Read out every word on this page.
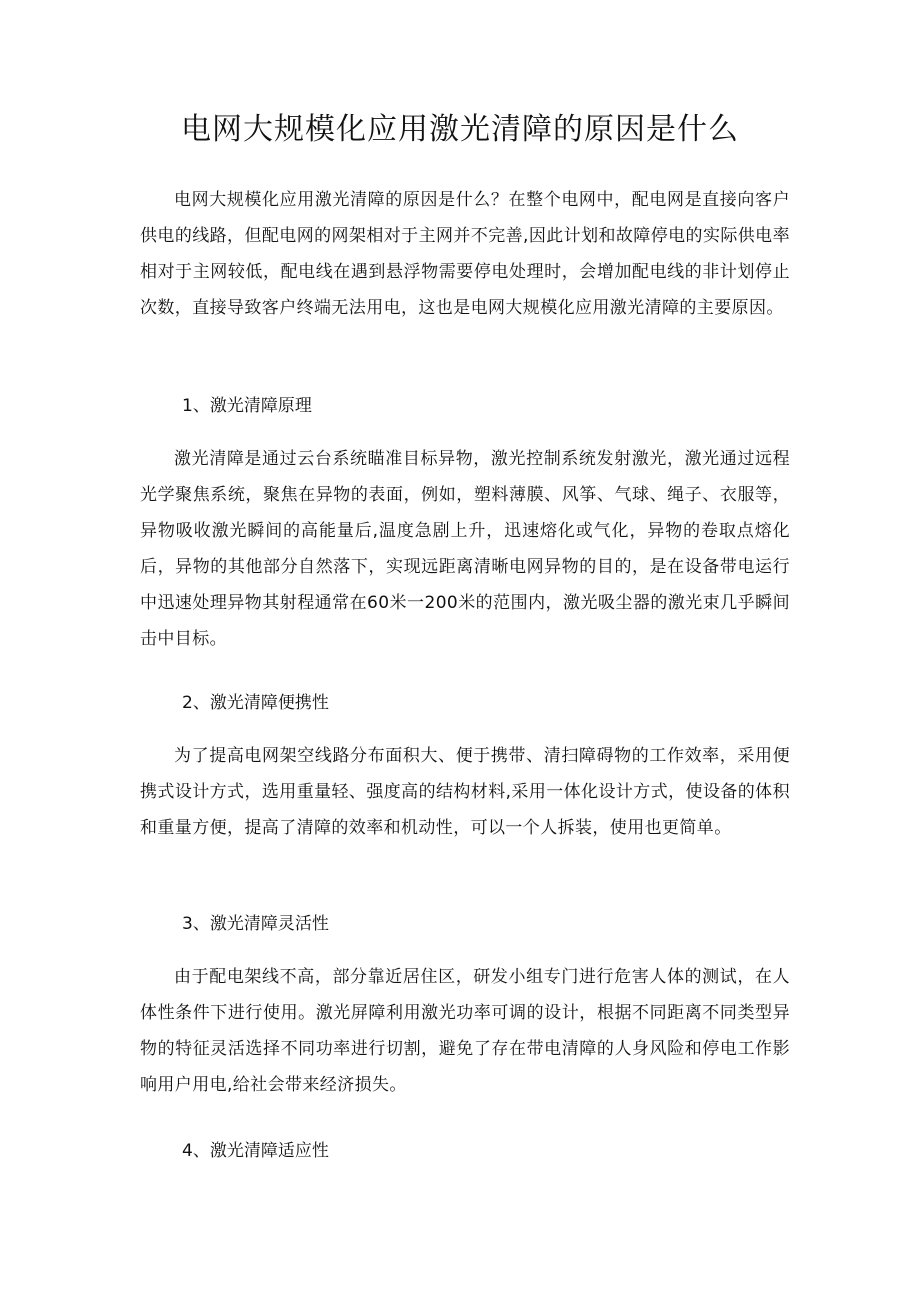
电网大规模化应用激光清障的原因是什么

电网大规模化应用激光清障的原因是什么？在整个电网中，配电网是直接向客户供电的线路，但配电网的网架相对于主网并不完善,因此计划和故障停电的实际供电率相对于主网较低，配电线在遇到悬浮物需要停电处理时，会增加配电线的非计划停止次数，直接导致客户终端无法用电，这也是电网大规模化应用激光清障的主要原因。

1、激光清障原理

激光清障是通过云台系统瞄准目标异物，激光控制系统发射激光，激光通过远程光学聚焦系统，聚焦在异物的表面，例如，塑料薄膜、风筝、气球、绳子、衣服等，异物吸收激光瞬间的高能量后,温度急剧上升，迅速熔化或气化，异物的卷取点熔化后，异物的其他部分自然落下，实现远距离清晰电网异物的目的，是在设备带电运行中迅速处理异物其射程通常在60米一200米的范围内，激光吸尘器的激光束几乎瞬间击中目标。

2、激光清障便携性

为了提高电网架空线路分布面积大、便于携带、清扫障碍物的工作效率，采用便携式设计方式，选用重量轻、强度高的结构材料,采用一体化设计方式，使设备的体积和重量方便，提高了清障的效率和机动性，可以一个人拆装，使用也更简单。

3、激光清障灵活性

由于配电架线不高，部分靠近居住区，研发小组专门进行危害人体的测试，在人体性条件下进行使用。激光屏障利用激光功率可调的设计，根据不同距离不同类型异物的特征灵活选择不同功率进行切割，避免了存在带电清障的人身风险和停电工作影响用户用电,给社会带来经济损失。

4、激光清障适应性
